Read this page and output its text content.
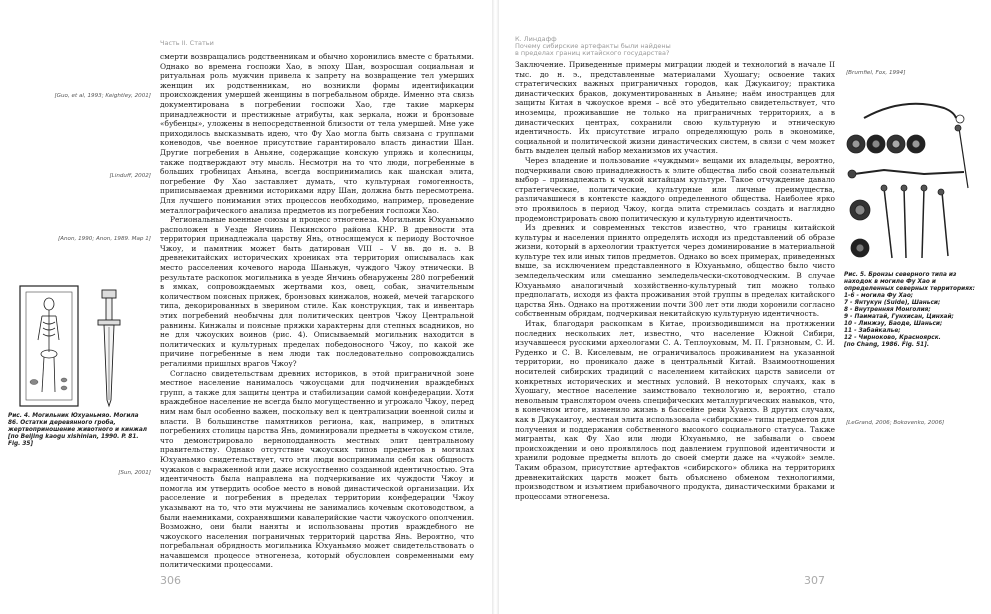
Часть II. Статьи
[Guo, et al, 1993; Keightley, 2001]
[Linduff, 2002]
[Anon, 1990; Anon, 1989. Map 1]
[Sun, 2001]
Рис. 4. Могильник Юхуаньмяо. Могила 86. Остатки деревянного гроба, жертвоприношение животного и кинжал [по Beijing kaogu xishinian, 1990. P. 81. Fig. 35]

смерти возвращались родственникам и обычно хоронились вместе с братьями. Однако во времена госпожи Хао, в эпоху Шан, возросшая социальная и ритуальная роль мужчин привела к запрету на возвращение тел умерших женщин их родственникам, но возникли формы идентификации происхождения умершей женщины в погребальном обряде. Именно эта связь документирована в погребении госпожи Хао, где такие маркеры принадлежности и престижные атрибуты, как зеркала, ножи и бронзовые «бубенцы», уложены в непосредственной близости от тела умершей. Мне уже приходилось высказывать идею, что Фу Хао могла быть связана с группами коневодов, чье военное присутствие гарантировало власть династии Шан. Другие погребения в Аньяне, содержащие конскую упряжь и колесницы, также подтверждают эту мысль. Несмотря на то что люди, погребенные в больших гробницах Аньяна, всегда воспринимались как шанская элита, погребение Фу Хао заставляет думать, что культурная гомогенность, приписываемая древними историками ядру Шан, должна быть пересмотрена. Для лучшего понимания этих процессов необходимо, например, проведение металлографического анализа предметов из погребения госпожи Хао.

Региональные военные союзы и процесс этногенеза. Могильник Юхуаньмяо расположен в Уезде Янчинь Пекинского района КНР. В древности эта территория принадлежала царству Янь, относящемуся к периоду Восточное Чжоу, и памятник может быть датирован VIII – V вв. до н. э. В древнекитайских исторических хрониках эта территория описывалась как место расселения кочевого народа Шаньжун, чуждого Чжоу этнически. В результате раскопок могильника в уезде Янчинь обнаружены 280 погребений в ямках, сопровождаемых жертвами коз, овец, собак, значительным количеством поясных пряжек, бронзовых кинжалов, ножей, мечей тагарского типа, декорированных в зверином стиле. Как конструкция, так и инвентарь этих погребений необычны для политических центров Чжоу Центральной равнины. Кинжалы и поясные пряжки характерны для степных всадников, но не для чжоуских воинов (рис. 4). Описываемый могильник находится в политических и культурных пределах победоносного Чжоу, по какой же причине погребенные в нем люди так последовательно сопровождались регалиями пришлых врагов Чжоу?

Согласно свидетельствам древних историков, в этой приграничной зоне местное население нанималось чжоусцами для подчинения враждебных групп, а также для защиты центра и стабилизации самой конфедерации. Хотя враждебное население не всегда было могущественно и угрожало Чжоу, перед ним нам был особенно важен, поскольку вел к централизации военной силы и власти. В большинстве памятников региона, как, например, в элитных погребениях столицы царства Янь, доминировали предметы в чжоуском стиле, что демонстрировало верноподданность местных элит центральному правительству. Однако отсутствие чжоуских типов предметов в могилах Юхуаньмяо свидетельствует, что эти люди воспринимали себя как общность чужаков с выраженной или даже искусственно созданной идентичностью. Эта идентичность была направлена на подчеркивание их чуждости Чжоу и помогла им утвердить особое место в новой династической организации. Их расселение и погребения в пределах территории конфедерации Чжоу указывают на то, что эти мужчины не занимались кочевым скотоводством, а были наемниками, сохранявшими кавалерийские части чжоуского ополчения. Возможно, они были наняты и использованы против враждебного не чжоуского населения пограничных территорий царства Янь. Вероятно, что погребальная обрядность могильника Юхуаньмяо может свидетельствовать о начавшемся процессе этногенеза, который обусловлен современными ему политическими процессами.

306
К. Линдафф
Почему сибирские артефакты были найдены
в пределах границ китайского государства?

Заключение. Приведенные примеры миграции людей и технологий в начале II тыс. до н. э., представленные материалами Хуошагу; освоение таких стратегических важных приграничных городов, как Джукаигоу; практика династических браков, документированных в Аньяне; наём иностранцев для защиты Китая в чжоуское время – всё это убедительно свидетельствует, что иноземцы, проживавшие не только на приграничных территориях, а в династических центрах, сохранили свою культурную и этническую идентичность. Их присутствие играло определяющую роль в экономике, социальной и политической жизни династических систем, в связи с чем может быть выделен целый набор механизмов их участия.

Через владение и пользование «чуждыми» вещами их владельцы, вероятно, подчеркивали свою принадлежность к элите общества либо свой сознательный выбор – принадлежать к чужой китайцам культуре. Такое отчуждение давало стратегические, политические, культурные или личные преимущества, различавшиеся в контексте каждого определенного общества. Наиболее ярко это проявилось в период Чжоу, когда элита стремилась создать и наглядно продемонстрировать свою политическую и культурную идентичность.

Из древних и современных текстов известно, что границы китайской культуры и населения принято определять исходя из представлений об образе жизни, который в археологии трактуется через доминирование в материальной культуре тех или иных типов предметов. Однако во всех примерах, приведенных выше, за исключением представленного в Юхуаньмяо, общество было чисто земледельческим или смешанно земледельчески-скотоводческим. В случае Юхуаньмяо аналогичный хозяйственно-культурный тип можно только предполагать, исходя из факта проживания этой группы в пределах китайского царства Янь. Однако на протяжении почти 300 лет эти люди хоронили согласно собственным обрядам, подчеркивая некитайскую культурную идентичность.

Итак, благодаря раскопкам в Китае, производившимся на протяжении последних нескольких лет, известно, что население Южной Сибири, изучавшееся русскими археологами С. А. Теплоуховым, М. П. Грязновым, С. И. Руденко и С. В. Киселевым, не ограничивалось проживанием на указанной территории, но проникало даже в центральный Китай. Взаимоотношения носителей сибирских традиций с населением китайских царств зависели от конкретных исторических и местных условий. В некоторых случаях, как в Хуошагу, местное население заимствовало технологию и, вероятно, стало невольным транслятором очень специфических металлургических навыков, что, в конечном итоге, изменило жизнь в бассейне реки Хуанхэ. В других случаях, как в Джукаигоу, местная элита использовала «сибирские» типы предметов для получения и поддержания собственного высокого социального статуса. Также мигранты, как Фу Хао или люди Юхуаньмяо, не забывали о своем происхождении и оно проявлялось под давлением групповой идентичности и хранили родовые предметы вплоть до своей смерти даже на «чужой» земле. Таким образом, присутствие артефактов «сибирского» облика на территориях древнекитайских царств может быть объяснено обменом технологиями, производством и изъятием прибавочного продукта, династическими браками и процессами этногенеза.

[Brumfiel, Fox, 1994]
[LeGrand, 2006; Bokovenko, 2006]
Рис. 5. Бронзы северного типа из находок в могиле Фу Хао и определенных северных территориях:
1-6 - могила Фу Хао;
7 - Янтукун (Suide), Шаньси;
8 - Внутренняя Монголия;
9 - Паиматай, Гунхисан, Цинхай;
10 - Линжэу, Баоде, Шаньси;
11 - Забайкалье;
12 - Чирноково, Красноярск.
[по Chang, 1986. Fig. 51].
307
